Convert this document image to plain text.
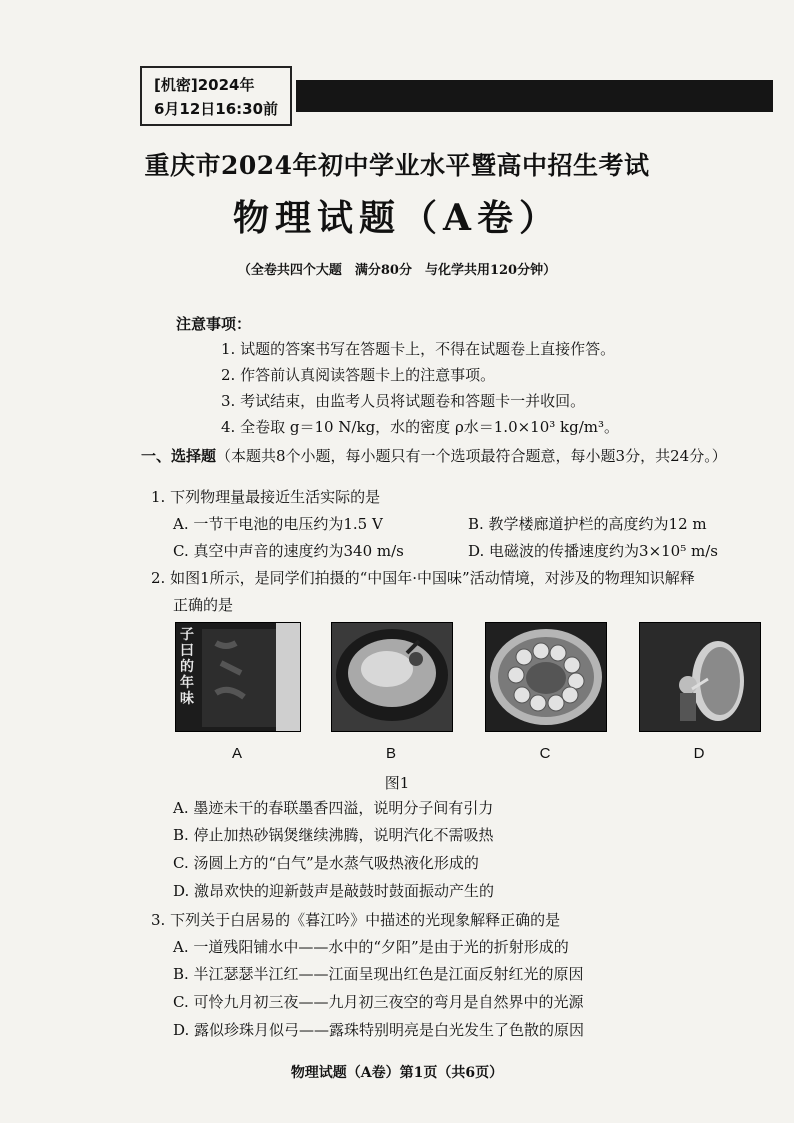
[机密]2024年
6月12日16:30前
重庆市2024年初中学业水平暨高中招生考试
物理试题（A卷）
（全卷共四个大题　满分80分　与化学共用120分钟）
注意事项：
1. 试题的答案书写在答题卡上，不得在试题卷上直接作答。
2. 作答前认真阅读答题卡上的注意事项。
3. 考试结束，由监考人员将试题卷和答题卡一并收回。
4. 全卷取 g＝10 N/kg，水的密度 ρ水＝1.0×10³ kg/m³。
一、选择题（本题共8个小题，每小题只有一个选项最符合题意，每小题3分，共24分。）
1. 下列物理量最接近生活实际的是
A. 一节干电池的电压约为1.5 V	B. 教学楼廊道护栏的高度约为12 m
C. 真空中声音的速度约为340 m/s	D. 电磁波的传播速度约为3×10⁵ m/s
2. 如图1所示，是同学们拍摄的“中国年·中国味”活动情境，对涉及的物理知识解释
正确的是
子曰的年味
A	B	C	D
图1
A. 墨迹未干的春联墨香四溢，说明分子间有引力
B. 停止加热砂锅煲继续沸腾，说明汽化不需吸热
C. 汤圆上方的“白气”是水蒸气吸热液化形成的
D. 激昂欢快的迎新鼓声是敲鼓时鼓面振动产生的
3. 下列关于白居易的《暮江吟》中描述的光现象解释正确的是
A. 一道残阳铺水中——水中的“夕阳”是由于光的折射形成的
B. 半江瑟瑟半江红——江面呈现出红色是江面反射红光的原因
C. 可怜九月初三夜——九月初三夜空的弯月是自然界中的光源
D. 露似珍珠月似弓——露珠特别明亮是白光发生了色散的原因
物理试题（A卷）第1页（共6页）
